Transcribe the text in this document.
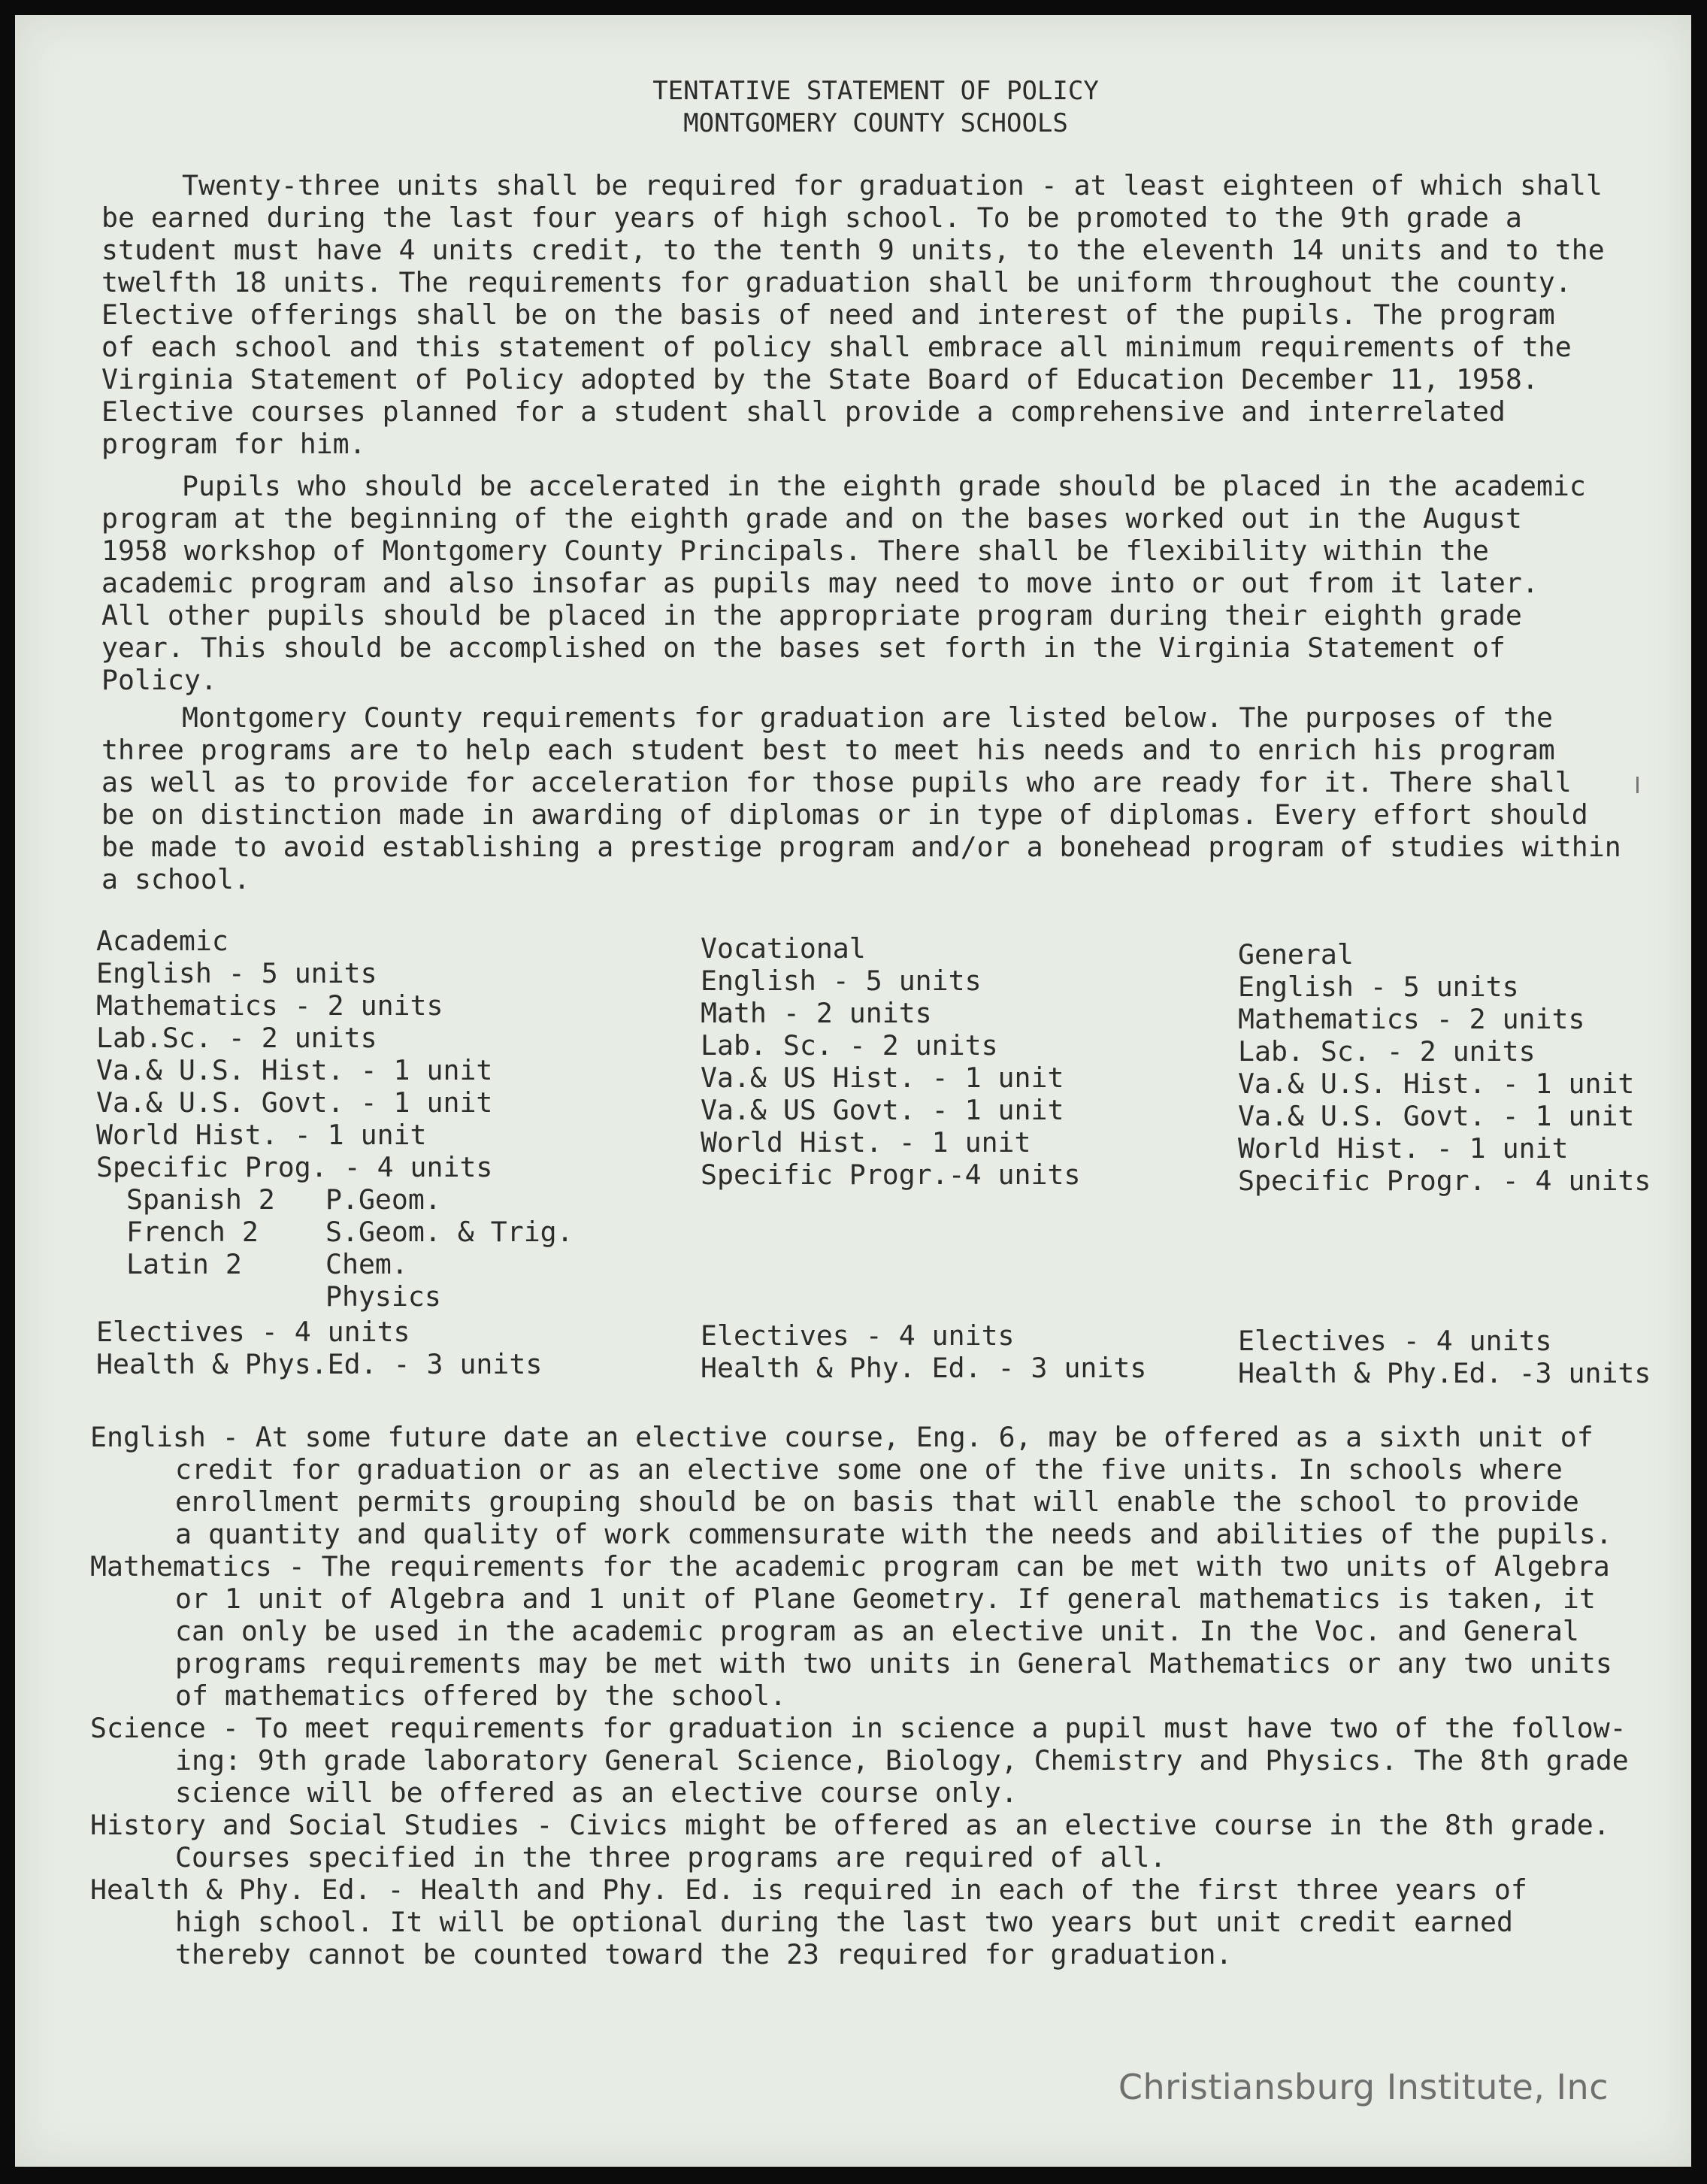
TENTATIVE STATEMENT OF POLICY
MONTGOMERY COUNTY SCHOOLS
Twenty-three units shall be required for graduation - at least eighteen of which shall
be earned during the last four years of high school. To be promoted to the 9th grade a
student must have 4 units credit, to the tenth 9 units, to the eleventh 14 units and to the
twelfth 18 units. The requirements for graduation shall be uniform throughout the county.
Elective offerings shall be on the basis of need and interest of the pupils. The program
of each school and this statement of policy shall embrace all minimum requirements of the
Virginia Statement of Policy adopted by the State Board of Education December 11, 1958.
Elective courses planned for a student shall provide a comprehensive and interrelated
program for him.
Pupils who should be accelerated in the eighth grade should be placed in the academic
program at the beginning of the eighth grade and on the bases worked out in the August
1958 workshop of Montgomery County Principals. There shall be flexibility within the
academic program and also insofar as pupils may need to move into or out from it later.
All other pupils should be placed in the appropriate program during their eighth grade
year. This should be accomplished on the bases set forth in the Virginia Statement of
Policy.
Montgomery County requirements for graduation are listed below. The purposes of the
three programs are to help each student best to meet his needs and to enrich his program
as well as to provide for acceleration for those pupils who are ready for it. There shall
be on distinction made in awarding of diplomas or in type of diplomas. Every effort should
be made to avoid establishing a prestige program and/or a bonehead program of studies within
a school.
Academic
English - 5 units
Mathematics - 2 units
Lab.Sc. - 2 units
Va.& U.S. Hist. - 1 unit
Va.& U.S. Govt. - 1 unit
World Hist. - 1 unit
Specific Prog. - 4 units
Spanish 2
French 2
Latin 2
P.Geom.
S.Geom. & Trig.
Chem.
Physics
Vocational
English - 5 units
Math - 2 units
Lab. Sc. - 2 units
Va.& US Hist. - 1 unit
Va.& US Govt. - 1 unit
World Hist. - 1 unit
Specific Progr.-4 units
General
English - 5 units
Mathematics - 2 units
Lab. Sc. - 2 units
Va.& U.S. Hist. - 1 unit
Va.& U.S. Govt. - 1 unit
World Hist. - 1 unit
Specific Progr. - 4 units
Electives - 4 units
Health & Phys.Ed. - 3 units
Electives - 4 units
Health & Phy. Ed. - 3 units
Electives - 4 units
Health & Phy.Ed. -3 units
English - At some future date an elective course, Eng. 6, may be offered as a sixth unit of
credit for graduation or as an elective some one of the five units. In schools where
enrollment permits grouping should be on basis that will enable the school to provide
a quantity and quality of work commensurate with the needs and abilities of the pupils.
Mathematics - The requirements for the academic program can be met with two units of Algebra
or 1 unit of Algebra and 1 unit of Plane Geometry. If general mathematics is taken, it
can only be used in the academic program as an elective unit. In the Voc. and General
programs requirements may be met with two units in General Mathematics or any two units
of mathematics offered by the school.
Science - To meet requirements for graduation in science a pupil must have two of the follow-
ing: 9th grade laboratory General Science, Biology, Chemistry and Physics. The 8th grade
science will be offered as an elective course only.
History and Social Studies - Civics might be offered as an elective course in the 8th grade.
Courses specified in the three programs are required of all.
Health & Phy. Ed. - Health and Phy. Ed. is required in each of the first three years of
high school. It will be optional during the last two years but unit credit earned
thereby cannot be counted toward the 23 required for graduation.
Christiansburg Institute, Inc
